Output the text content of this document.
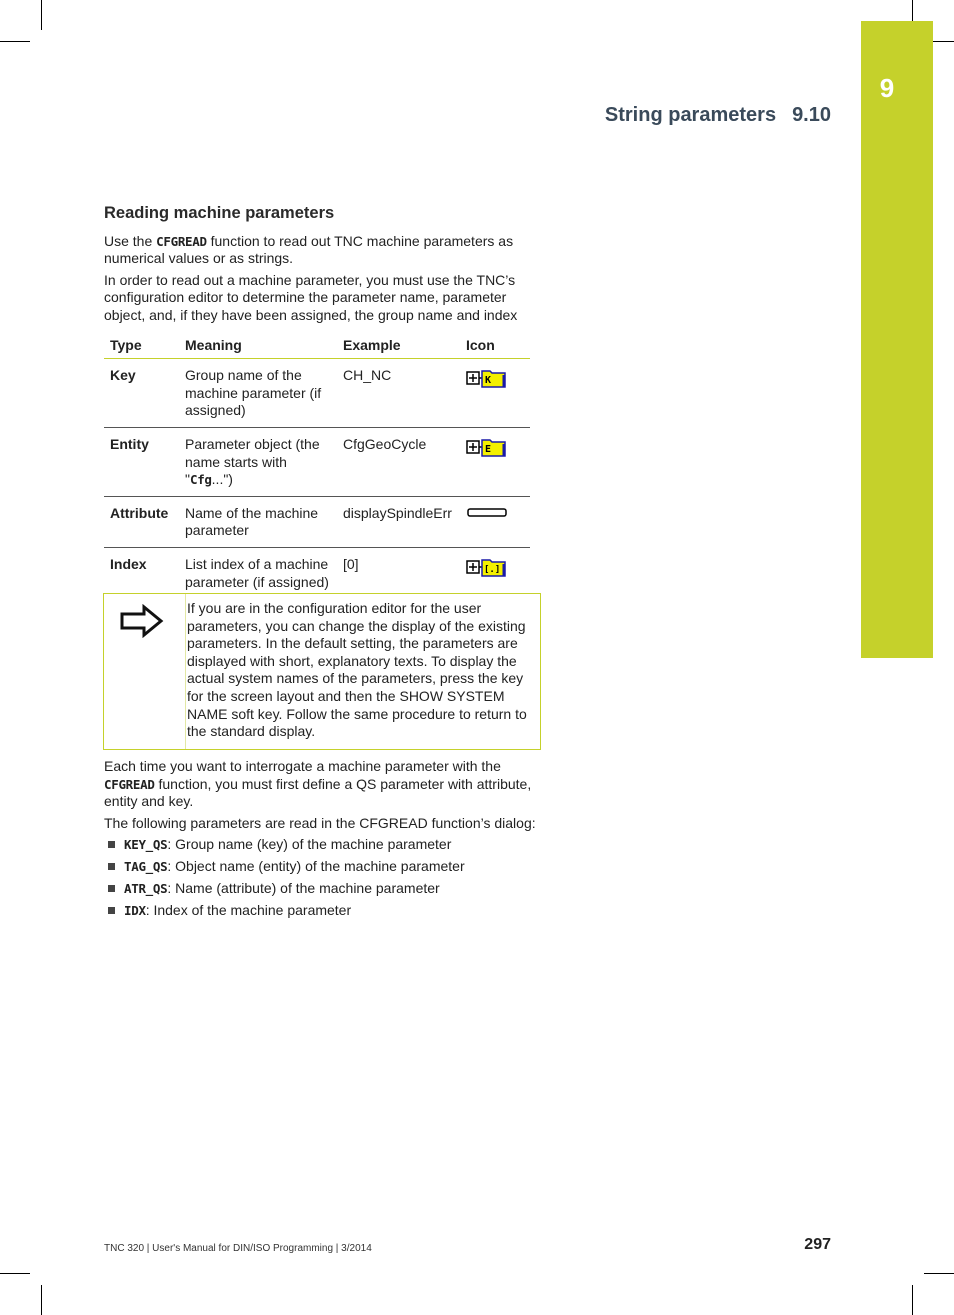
9
String parameters 9.10
Reading machine parameters

Use the CFGREAD function to read out TNC machine parameters as numerical values or as strings.

In order to read out a machine parameter, you must use the TNC’s configuration editor to determine the parameter name, parameter object, and, if they have been assigned, the group name and index

Type	Meaning	Example	Icon
Key	Group name of the machine parameter (if assigned)	CH_NC	K

Entity	Parameter object (the name starts with "Cfg...")	CfgGeoCycle	E

Attribute	Name of the machine parameter	displaySpindleErr	
Index	List index of a machine parameter (if assigned)	[0]	[.]
If you are in the configuration editor for the user parameters, you can change the display of the existing parameters. In the default setting, the parameters are displayed with short, explanatory texts. To display the actual system names of the parameters, press the key for the screen layout and then the SHOW SYSTEM NAME soft key. Follow the same procedure to return to the standard display.

Each time you want to interrogate a machine parameter with the CFGREAD function, you must first define a QS parameter with attribute, entity and key.

The following parameters are read in the CFGREAD function’s dialog:

KEY_QS: Group name (key) of the machine parameter
TAG_QS: Object name (entity) of the machine parameter
ATR_QS: Name (attribute) of the machine parameter
IDX: Index of the machine parameter
TNC 320 | User's Manual for DIN/ISO Programming | 3/2014	297
